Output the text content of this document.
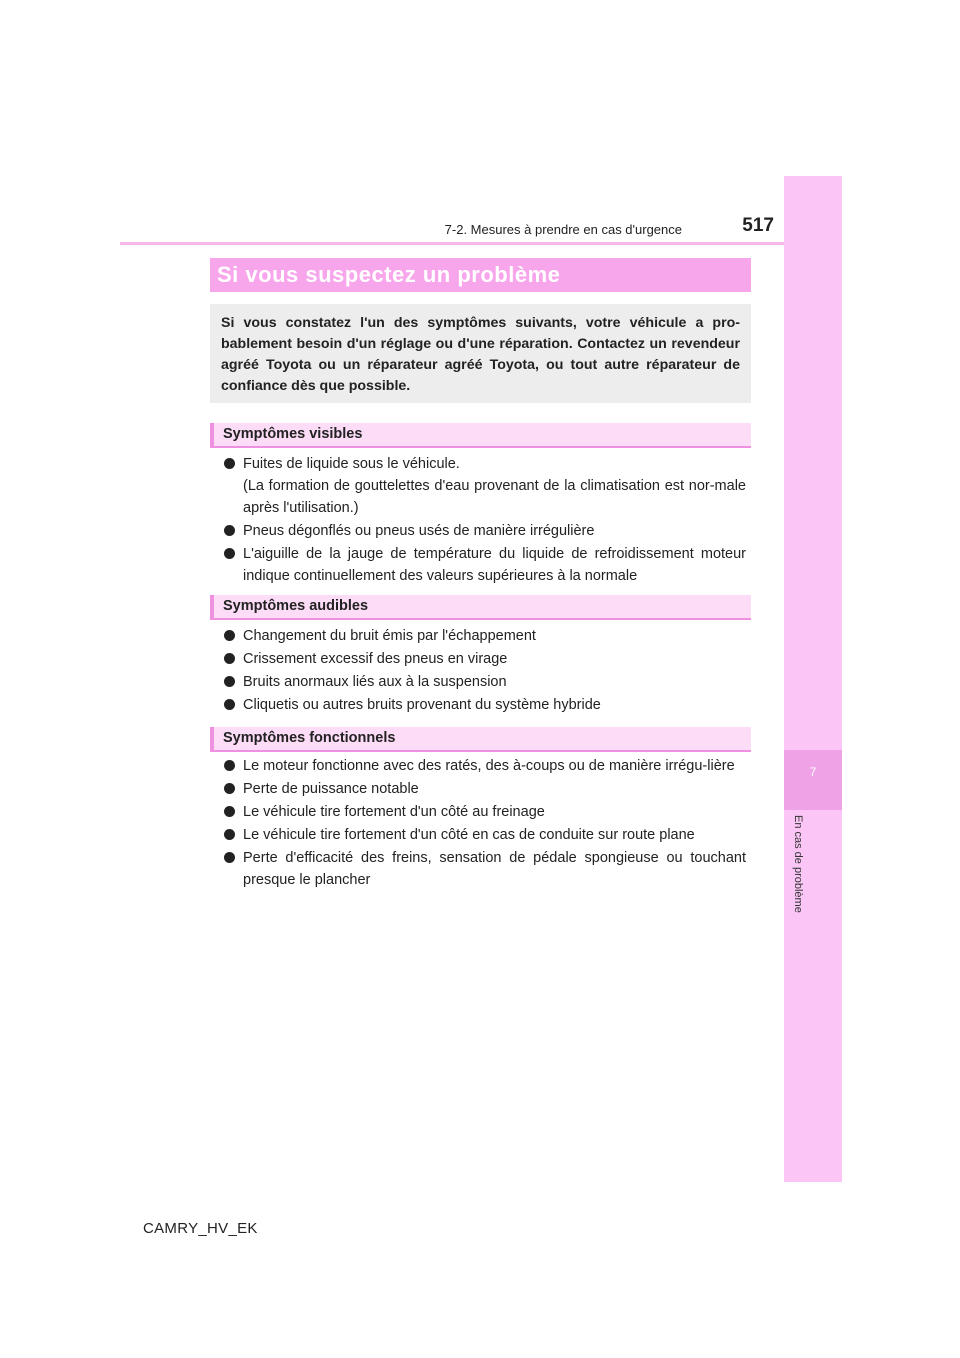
7-2. Mesures à prendre en cas d'urgence	517
7
En cas de problème
Si vous suspectez un problème
Si vous constatez l'un des symptômes suivants, votre véhicule a pro-bablement besoin d'un réglage ou d'une réparation. Contactez un revendeur agréé Toyota ou un réparateur agréé Toyota, ou tout autre réparateur de confiance dès que possible.
Symptômes visibles
Fuites de liquide sous le véhicule.
(La formation de gouttelettes d'eau provenant de la climatisation est nor-male après l'utilisation.)
Pneus dégonflés ou pneus usés de manière irrégulière
L'aiguille de la jauge de température du liquide de refroidissement moteur indique continuellement des valeurs supérieures à la normale
Symptômes audibles
Changement du bruit émis par l'échappement
Crissement excessif des pneus en virage
Bruits anormaux liés aux à la suspension
Cliquetis ou autres bruits provenant du système hybride
Symptômes fonctionnels
Le moteur fonctionne avec des ratés, des à-coups ou de manière irrégu-lière
Perte de puissance notable
Le véhicule tire fortement d'un côté au freinage
Le véhicule tire fortement d'un côté en cas de conduite sur route plane
Perte d'efficacité des freins, sensation de pédale spongieuse ou touchant presque le plancher
CAMRY_HV_EK
